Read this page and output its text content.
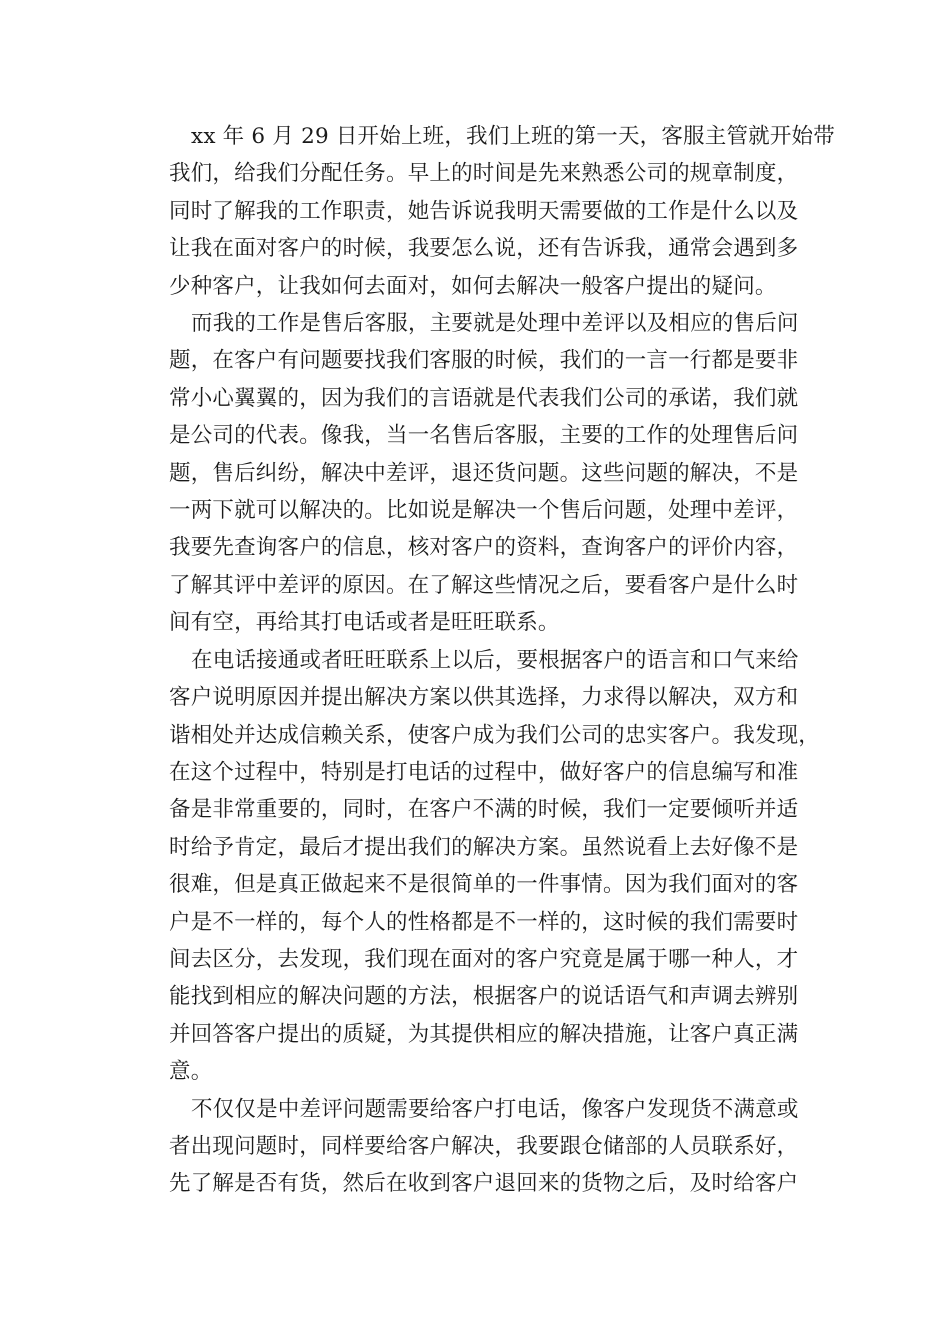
xx 年 6 月 29 日开始上班，我们上班的第一天，客服主管就开始带
我们，给我们分配任务。早上的时间是先来熟悉公司的规章制度，
同时了解我的工作职责，她告诉说我明天需要做的工作是什么以及
让我在面对客户的时候，我要怎么说，还有告诉我，通常会遇到多
少种客户，让我如何去面对，如何去解决一般客户提出的疑问。
而我的工作是售后客服，主要就是处理中差评以及相应的售后问
题，在客户有问题要找我们客服的时候，我们的一言一行都是要非
常小心翼翼的，因为我们的言语就是代表我们公司的承诺，我们就
是公司的代表。像我，当一名售后客服，主要的工作的处理售后问
题，售后纠纷，解决中差评，退还货问题。这些问题的解决，不是
一两下就可以解决的。比如说是解决一个售后问题，处理中差评，
我要先查询客户的信息，核对客户的资料，查询客户的评价内容，
了解其评中差评的原因。在了解这些情况之后，要看客户是什么时
间有空，再给其打电话或者是旺旺联系。
在电话接通或者旺旺联系上以后，要根据客户的语言和口气来给
客户说明原因并提出解决方案以供其选择，力求得以解决，双方和
谐相处并达成信赖关系，使客户成为我们公司的忠实客户。我发现，
在这个过程中，特别是打电话的过程中，做好客户的信息编写和准
备是非常重要的，同时，在客户不满的时候，我们一定要倾听并适
时给予肯定，最后才提出我们的解决方案。虽然说看上去好像不是
很难，但是真正做起来不是很简单的一件事情。因为我们面对的客
户是不一样的，每个人的性格都是不一样的，这时候的我们需要时
间去区分，去发现，我们现在面对的客户究竟是属于哪一种人，才
能找到相应的解决问题的方法，根据客户的说话语气和声调去辨别
并回答客户提出的质疑，为其提供相应的解决措施，让客户真正满
意。
不仅仅是中差评问题需要给客户打电话，像客户发现货不满意或
者出现问题时，同样要给客户解决，我要跟仓储部的人员联系好，
先了解是否有货，然后在收到客户退回来的货物之后，及时给客户
